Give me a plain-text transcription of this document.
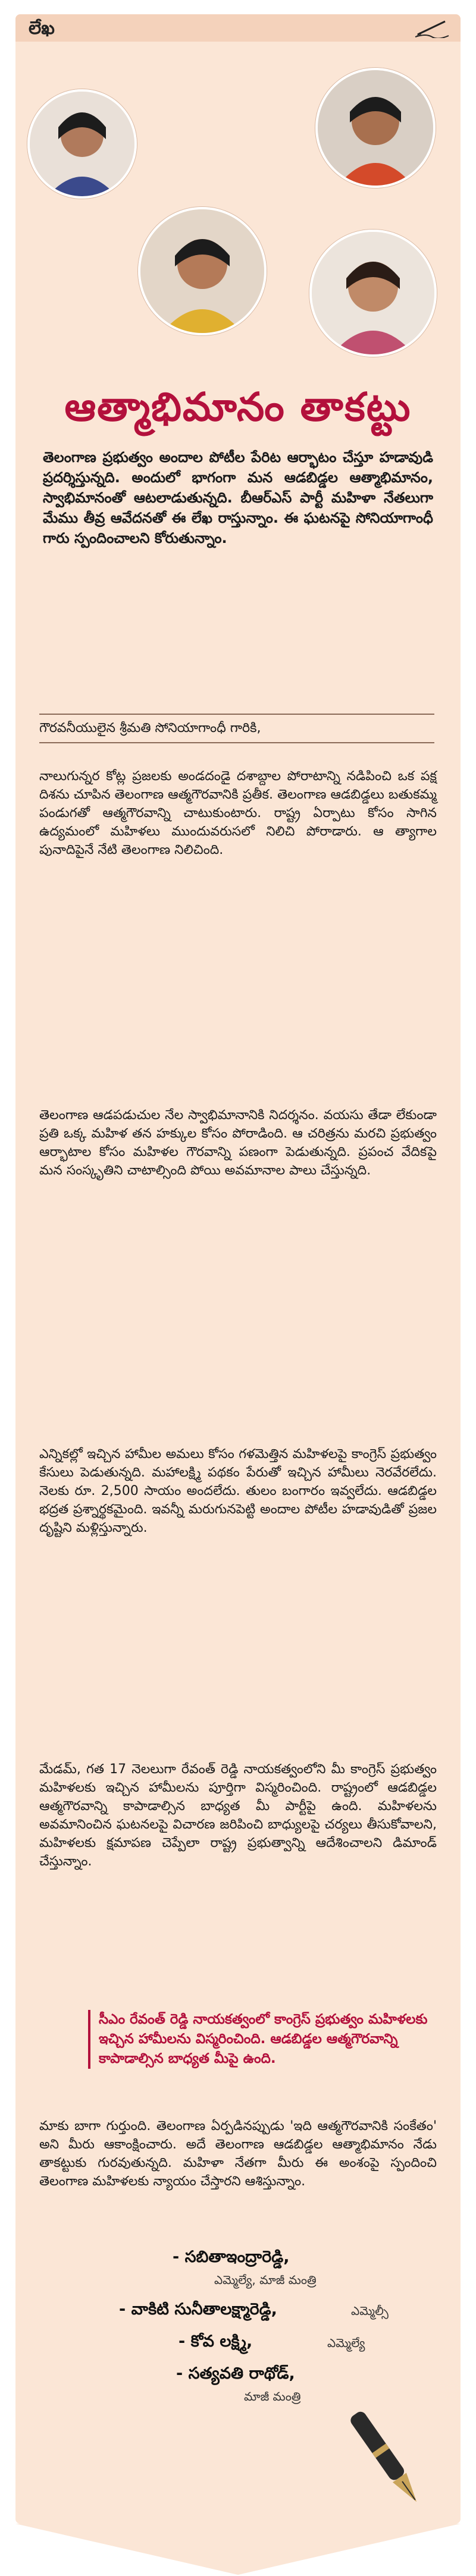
లేఖ
ఆత్మాభిమానం తాకట్టు
తెలంగాణ ప్రభుత్వం అందాల పోటీల పేరిట ఆర్భాటం చేస్తూ హడావుడి ప్రదర్శిస్తున్నది. అందులో భాగంగా మన ఆడబిడ్డల ఆత్మాభిమానం, స్వాభిమానంతో ఆటలాడుతున్నది. బీఆర్ఎస్ పార్టీ మహిళా నేతలుగా మేము తీవ్ర ఆవేదనతో ఈ లేఖ రాస్తున్నాం. ఈ ఘటనపై సోనియాగాంధీ గారు స్పందించాలని కోరుతున్నాం.
గౌరవనీయులైన శ్రీమతి సోనియాగాంధీ గారికి,
నాలుగున్నర కోట్ల ప్రజలకు అండదండై దశాబ్దాల పోరాటాన్ని నడిపించి ఒక పక్ష దిశను చూపిన తెలంగాణ ఆత్మగౌరవానికి ప్రతీక. తెలంగాణ ఆడబిడ్డలు బతుకమ్మ పండుగతో ఆత్మగౌరవాన్ని చాటుకుంటారు. రాష్ట్ర ఏర్పాటు కోసం సాగిన ఉద్యమంలో మహిళలు ముందువరుసలో నిలిచి పోరాడారు. ఆ త్యాగాల పునాదిపైనే నేటి తెలంగాణ నిలిచింది.
తెలంగాణ ఆడపడుచుల నేల స్వాభిమానానికి నిదర్శనం. వయసు తేడా లేకుండా ప్రతి ఒక్క మహిళ తన హక్కుల కోసం పోరాడింది. ఆ చరిత్రను మరచి ప్రభుత్వం ఆర్భాటాల కోసం మహిళల గౌరవాన్ని పణంగా పెడుతున్నది. ప్రపంచ వేదికపై మన సంస్కృతిని చాటాల్సింది పోయి అవమానాల పాలు చేస్తున్నది.
ఎన్నికల్లో ఇచ్చిన హామీల అమలు కోసం గళమెత్తిన మహిళలపై కాంగ్రెస్ ప్రభుత్వం కేసులు పెడుతున్నది. మహాలక్ష్మి పథకం పేరుతో ఇచ్చిన హామీలు నెరవేరలేదు. నెలకు రూ. 2,500 సాయం అందలేదు. తులం బంగారం ఇవ్వలేదు. ఆడబిడ్డల భద్రత ప్రశ్నార్థకమైంది. ఇవన్నీ మరుగునపెట్టి అందాల పోటీల హడావుడితో ప్రజల దృష్టిని మళ్లిస్తున్నారు.
మేడమ్, గత 17 నెలలుగా రేవంత్ రెడ్డి నాయకత్వంలోని మీ కాంగ్రెస్ ప్రభుత్వం మహిళలకు ఇచ్చిన హామీలను పూర్తిగా విస్మరించింది. రాష్ట్రంలో ఆడబిడ్డల ఆత్మగౌరవాన్ని కాపాడాల్సిన బాధ్యత మీ పార్టీపై ఉంది. మహిళలను అవమానించిన ఘటనలపై విచారణ జరిపించి బాధ్యులపై చర్యలు తీసుకోవాలని, మహిళలకు క్షమాపణ చెప్పేలా రాష్ట్ర ప్రభుత్వాన్ని ఆదేశించాలని డిమాండ్ చేస్తున్నాం.
సీఎం రేవంత్ రెడ్డి నాయకత్వంలో కాంగ్రెస్ ప్రభుత్వం మహిళలకు ఇచ్చిన హామీలను విస్మరించింది. ఆడబిడ్డల ఆత్మగౌరవాన్ని కాపాడాల్సిన బాధ్యత మీపై ఉంది.
మాకు బాగా గుర్తుంది. తెలంగాణ ఏర్పడినప్పుడు 'ఇది ఆత్మగౌరవానికి సంకేతం' అని మీరు ఆకాంక్షించారు. అదే తెలంగాణ ఆడబిడ్డల ఆత్మాభిమానం నేడు తాకట్టుకు గురవుతున్నది. మహిళా నేతగా మీరు ఈ అంశంపై స్పందించి తెలంగాణ మహిళలకు న్యాయం చేస్తారని ఆశిస్తున్నాం.
- సబితాఇంద్రారెడ్డి,
ఎమ్మెల్యే, మాజీ మంత్రి
- వాకిటి సునీతాలక్ష్మారెడ్డి,	ఎమ్మెల్సీ
- కోవ లక్ష్మి,	ఎమ్మెల్యే
- సత్యవతి రాథోడ్,
మాజీ మంత్రి
